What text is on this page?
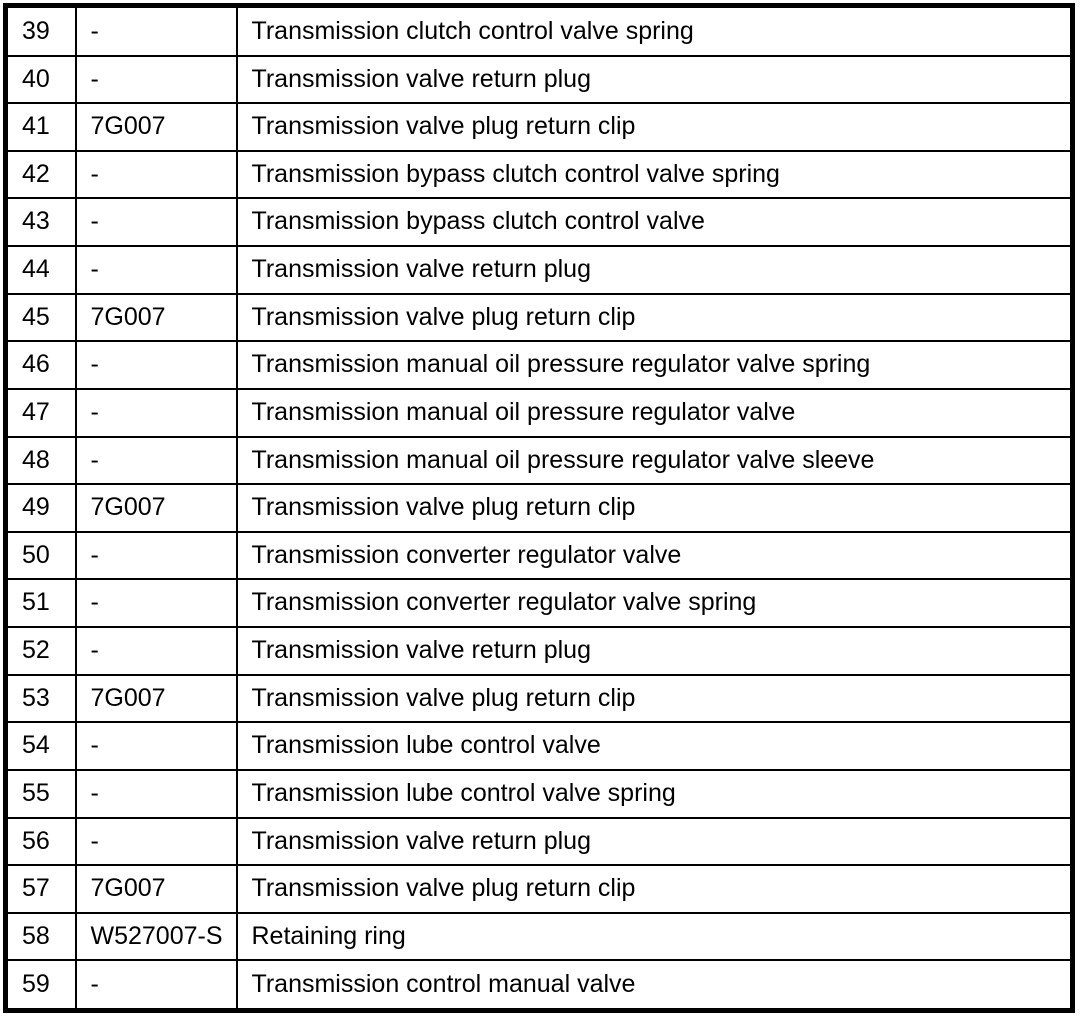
39	-	Transmission clutch control valve spring
40	-	Transmission valve return plug
41	7G007	Transmission valve plug return clip
42	-	Transmission bypass clutch control valve spring
43	-	Transmission bypass clutch control valve
44	-	Transmission valve return plug
45	7G007	Transmission valve plug return clip
46	-	Transmission manual oil pressure regulator valve spring
47	-	Transmission manual oil pressure regulator valve
48	-	Transmission manual oil pressure regulator valve sleeve
49	7G007	Transmission valve plug return clip
50	-	Transmission converter regulator valve
51	-	Transmission converter regulator valve spring
52	-	Transmission valve return plug
53	7G007	Transmission valve plug return clip
54	-	Transmission lube control valve
55	-	Transmission lube control valve spring
56	-	Transmission valve return plug
57	7G007	Transmission valve plug return clip
58	W527007-S	Retaining ring
59	-	Transmission control manual valve
